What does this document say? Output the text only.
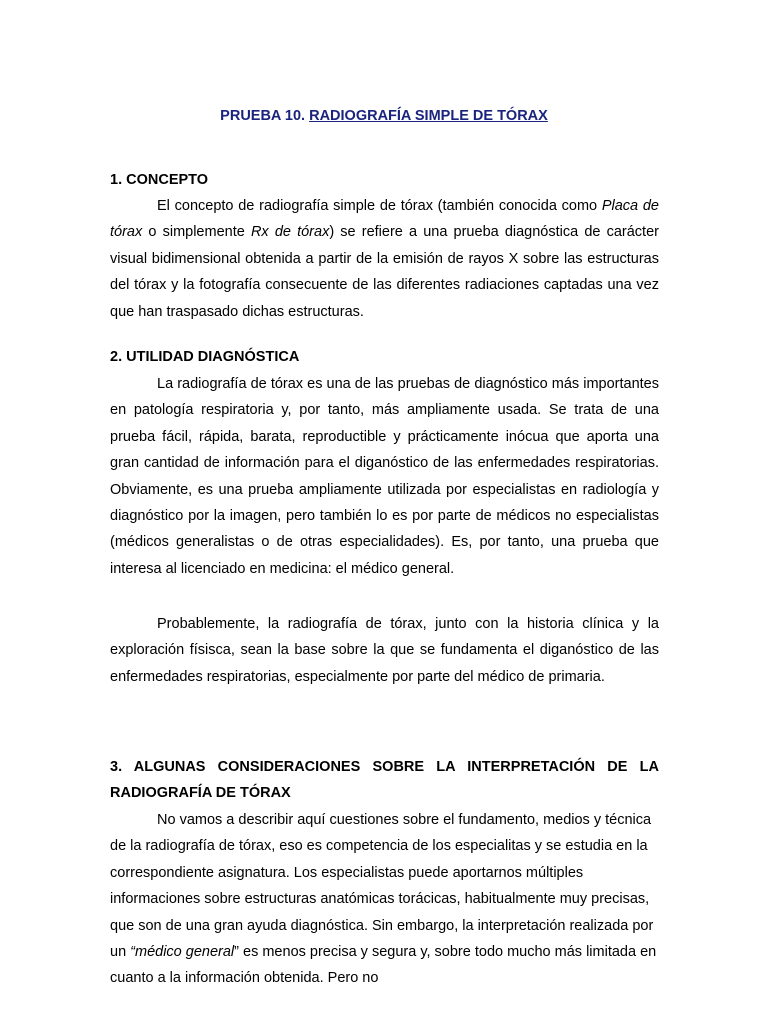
PRUEBA 10. RADIOGRAFÍA SIMPLE DE TÓRAX
1. CONCEPTO

El concepto de radiografía simple de tórax (también conocida como Placa de tórax o simplemente Rx de tórax) se refiere a una prueba diagnóstica de carácter visual bidimensional obtenida a partir de la emisión de rayos X sobre las estructuras del tórax y la fotografía consecuente de las diferentes radiaciones captadas una vez que han traspasado dichas estructuras.

2. UTILIDAD DIAGNÓSTICA

La radiografía de tórax es una de las pruebas de diagnóstico más importantes en patología respiratoria y, por tanto, más ampliamente usada. Se trata de una prueba fácil, rápida, barata, reproductible y prácticamente inócua que aporta una gran cantidad de información para el diganóstico de las enfermedades respiratorias. Obviamente, es una prueba ampliamente utilizada por especialistas en radiología y diagnóstico por la imagen, pero también lo es por parte de médicos no especialistas (médicos generalistas o de otras especialidades). Es, por tanto, una prueba que interesa al licenciado en medicina: el médico general.

Probablemente, la radiografía de tórax, junto con la historia clínica y la exploración físisca, sean la base sobre la que se fundamenta el diganóstico de las enfermedades respiratorias, especialmente por parte del médico de primaria.

3. ALGUNAS CONSIDERACIONES SOBRE LA INTERPRETACIÓN DE LA RADIOGRAFÍA DE TÓRAX

No vamos a describir aquí cuestiones sobre el fundamento, medios y técnica de la radiografía de tórax, eso es competencia de los especialitas y se estudia en la correspondiente asignatura. Los especialistas puede aportarnos múltiples informaciones sobre estructuras anatómicas torácicas, habitualmente muy precisas, que son de una gran ayuda diagnóstica. Sin embargo, la interpretación realizada por un “médico general” es menos precisa y segura y, sobre todo mucho más limitada en cuanto a la información obtenida. Pero no
